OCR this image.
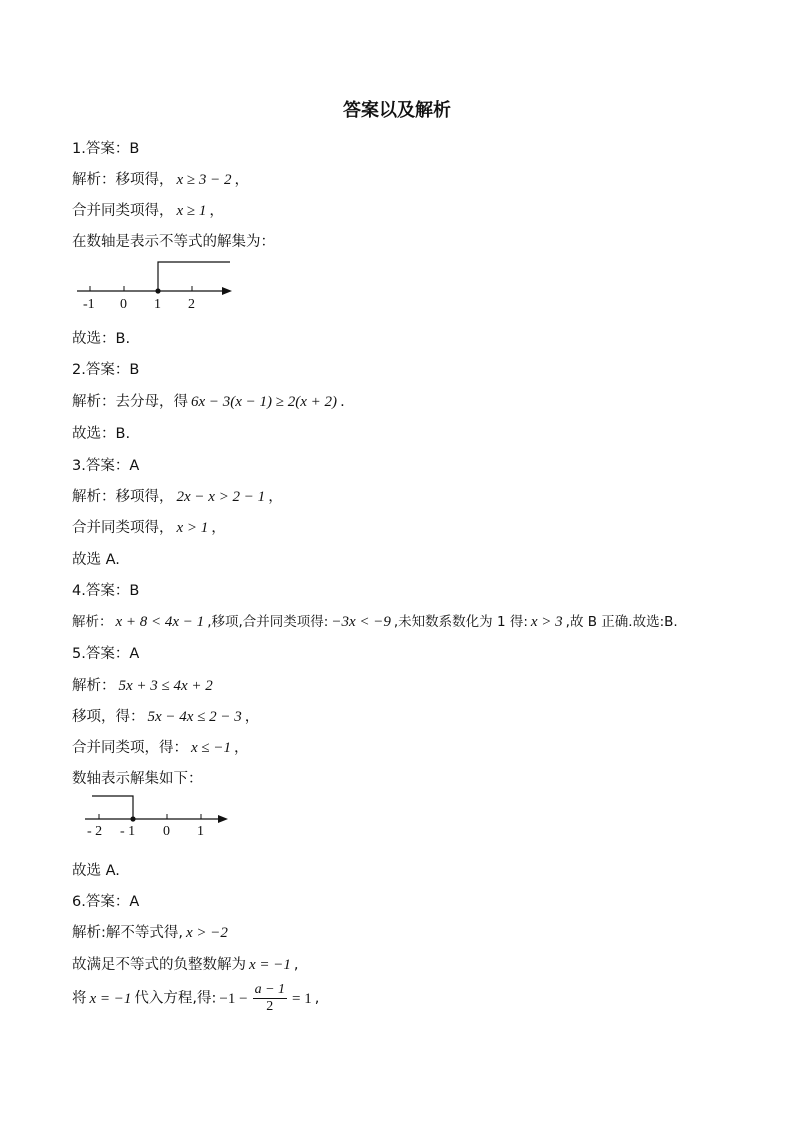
答案以及解析
1.答案：B
解析：移项得， x ≥ 3 − 2 ，
合并同类项得， x ≥ 1 ，
在数轴是表示不等式的解集为：
-1 0 1 2
故选：B.
2.答案：B
解析：去分母，得 6x − 3(x − 1) ≥ 2(x + 2) .
故选：B.
3.答案：A
解析：移项得， 2x − x > 2 − 1 ，
合并同类项得， x > 1 ，
故选 A.
4.答案：B
解析： x + 8 < 4x − 1 ,移项,合并同类项得: −3x < −9 ,未知数系数化为 1 得: x > 3 ,故 B 正确.故选:B.
5.答案：A
解析： 5x + 3 ≤ 4x + 2
移项，得： 5x − 4x ≤ 2 − 3 ，
合并同类项，得： x ≤ −1 ，
数轴表示解集如下：
- 2 - 1 0 1
故选 A.
6.答案：A
解析:解不等式得, x > −2
故满足不等式的负整数解为 x = −1 ,
将 x = −1 代入方程,得: $-1 - \frac{a - 1}{2} = 1$ ,
